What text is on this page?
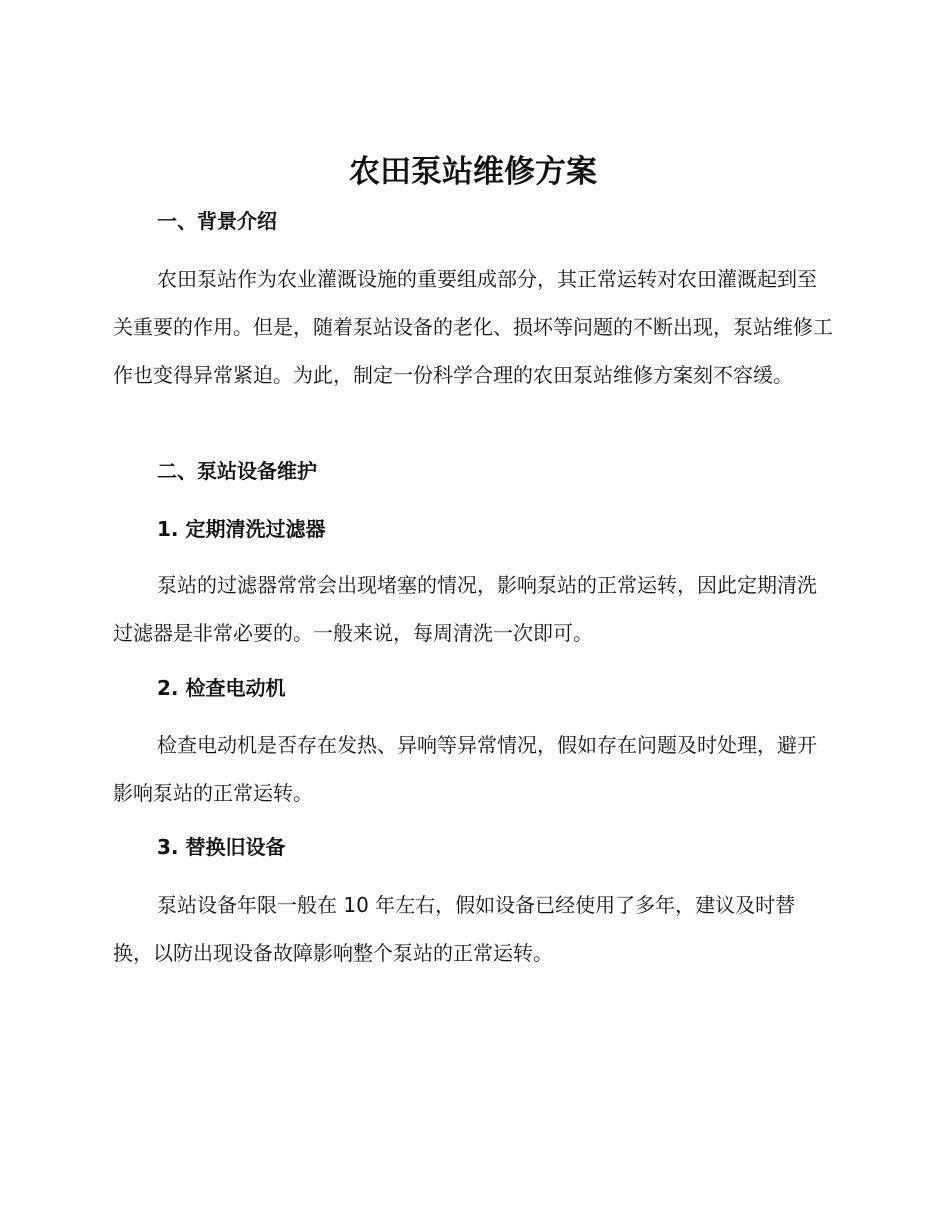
农田泵站维修方案
一、背景介绍

农田泵站作为农业灌溉设施的重要组成部分，其正常运转对农田灌溉起到至关重要的作用。但是，随着泵站设备的老化、损坏等问题的不断出现，泵站维修工作也变得异常紧迫。为此，制定一份科学合理的农田泵站维修方案刻不容缓。

二、泵站设备维护
1. 定期清洗过滤器

泵站的过滤器常常会出现堵塞的情况，影响泵站的正常运转，因此定期清洗过滤器是非常必要的。一般来说，每周清洗一次即可。

2. 检查电动机

检查电动机是否存在发热、异响等异常情况，假如存在问题及时处理，避开影响泵站的正常运转。

3. 替换旧设备

泵站设备年限一般在 10 年左右，假如设备已经使用了多年，建议及时替换，以防出现设备故障影响整个泵站的正常运转。
